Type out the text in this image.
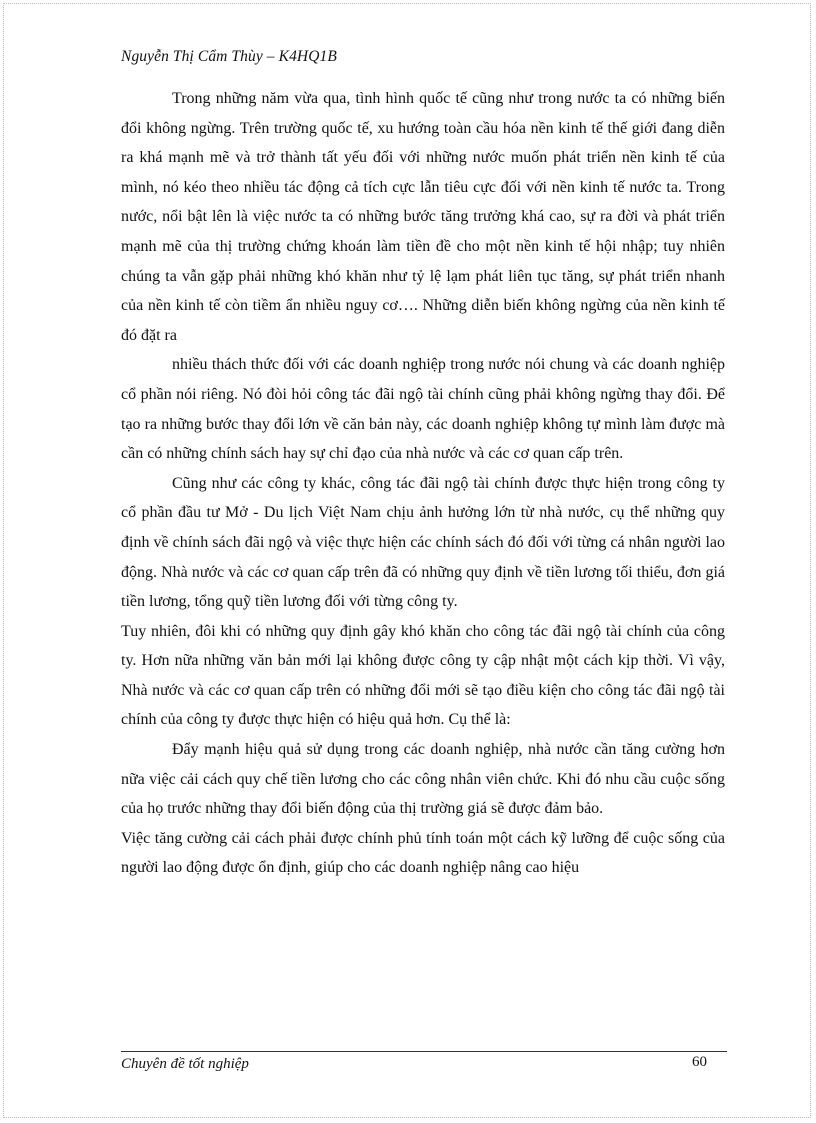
Nguyễn Thị Cẩm Thùy – K4HQ1B

Trong những năm vừa qua, tình hình quốc tế cũng như trong nước ta có những biến đổi không ngừng. Trên trường quốc tế, xu hướng toàn cầu hóa nền kinh tế thế giới đang diễn ra khá mạnh mẽ và trở thành tất yếu đối với những nước muốn phát triển nền kinh tế của mình, nó kéo theo nhiều tác động cả tích cực lẫn tiêu cực đối với nền kinh tế nước ta. Trong nước, nổi bật lên là việc nước ta có những bước tăng trưởng khá cao, sự ra đời và phát triển mạnh mẽ của thị trường chứng khoán làm tiền đề cho một nền kinh tế hội nhập; tuy nhiên chúng ta vẫn gặp phải những khó khăn như tỷ lệ lạm phát liên tục tăng, sự phát triển nhanh của nền kinh tế còn tiềm ẩn nhiều nguy cơ…. Những diễn biến không ngừng của nền kinh tế đó đặt ra

nhiều thách thức đối với các doanh nghiệp trong nước nói chung và các doanh nghiệp cổ phần nói riêng. Nó đòi hỏi công tác đãi ngộ tài chính cũng phải không ngừng thay đổi. Để tạo ra những bước thay đổi lớn về căn bản này, các doanh nghiệp không tự mình làm được mà cần có những chính sách hay sự chỉ đạo của nhà nước và các cơ quan cấp trên.

Cũng như các công ty khác, công tác đãi ngộ tài chính được thực hiện trong công ty cổ phần đầu tư Mở - Du lịch Việt Nam chịu ảnh hưởng lớn từ nhà nước, cụ thể những quy định về chính sách đãi ngộ và việc thực hiện các chính sách đó đối với từng cá nhân người lao động. Nhà nước và các cơ quan cấp trên đã có những quy định về tiền lương tối thiểu, đơn giá tiền lương, tổng quỹ tiền lương đối với từng công ty.

Tuy nhiên, đôi khi có những quy định gây khó khăn cho công tác đãi ngộ tài chính của công ty. Hơn nữa những văn bản mới lại không được công ty cập nhật một cách kịp thời. Vì vậy, Nhà nước và các cơ quan cấp trên có những đổi mới sẽ tạo điều kiện cho công tác đãi ngộ tài chính của công ty được thực hiện có hiệu quả hơn. Cụ thể là:

Đẩy mạnh hiệu quả sử dụng trong các doanh nghiệp, nhà nước cần tăng cường hơn nữa việc cải cách quy chế tiền lương cho các công nhân viên chức. Khi đó nhu cầu cuộc sống của họ trước những thay đổi biến động của thị trường giá sẽ được đảm bảo.

Việc tăng cường cải cách phải được chính phủ tính toán một cách kỹ lưỡng để cuộc sống của người lao động được ổn định, giúp cho các doanh nghiệp nâng cao hiệu

Chuyên đề tốt nghiệp	60
